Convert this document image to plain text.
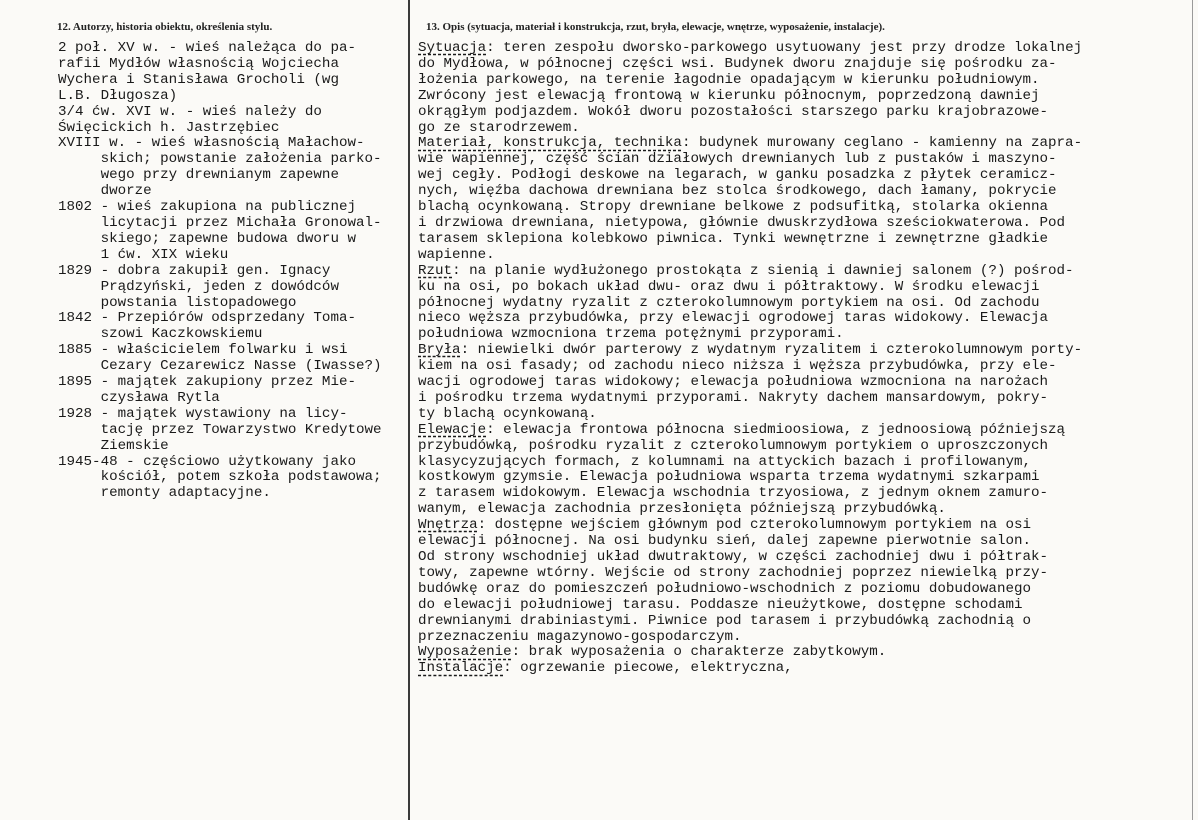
12. Autorzy, historia obiektu, określenia stylu.	13. Opis (sytuacja, materiał i konstrukcja, rzut, bryła, elewacje, wnętrze, wyposażenie, instalacje).

2 poł. XV w. - wieś należąca do pa-
rafii Mydłów własnością Wojciecha
Wychera i Stanisława Grocholi (wg
L.B. Długosza)

3/4 ćw. XVI w. - wieś należy do
Święcickich h. Jastrzębiec

XVIII w. - wieś własnością Małachow-
skich; powstanie założenia parko-
wego przy drewnianym zapewne
dworze

1802 - wieś zakupiona na publicznej
licytacji przez Michała Gronowal-
skiego; zapewne budowa dworu w
1 ćw. XIX wieku

1829 - dobra zakupił gen. Ignacy
Prądzyński, jeden z dowódców
powstania listopadowego

1842 - Przepiórów odsprzedany Toma-
szowi Kaczkowskiemu

1885 - właścicielem folwarku i wsi
Cezary Cezarewicz Nasse (Iwasse?)

1895 - majątek zakupiony przez Mie-
czysława Rytla

1928 - majątek wystawiony na licy-
tację przez Towarzystwo Kredytowe
Ziemskie

1945-48 - częściowo użytkowany jako
kościół, potem szkoła podstawowa;
remonty adaptacyjne.

Sytuacja: teren zespołu dworsko-parkowego usytuowany jest przy drodze lokalnej
do Mydłowa, w północnej części wsi. Budynek dworu znajduje się pośrodku za-
łożenia parkowego, na terenie łagodnie opadającym w kierunku południowym.
Zwrócony jest elewacją frontową w kierunku północnym, poprzedzoną dawniej
okrągłym podjazdem. Wokół dworu pozostałości starszego parku krajobrazowe-
go ze starodrzewem.

Materiał, konstrukcja, technika: budynek murowany ceglano - kamienny na zapra-
wie wapiennej, część ścian działowych drewnianych lub z pustaków i maszyno-
wej cegły. Podłogi deskowe na legarach, w ganku posadzka z płytek ceramicz-
nych, więźba dachowa drewniana bez stolca środkowego, dach łamany, pokrycie
blachą ocynkowaną. Stropy drewniane belkowe z podsufitką, stolarka okienna
i drzwiowa drewniana, nietypowa, głównie dwuskrzydłowa sześciokwaterowa. Pod
tarasem sklepiona kolebkowo piwnica. Tynki wewnętrzne i zewnętrzne gładkie
wapienne.

Rzut: na planie wydłużonego prostokąta z sienią i dawniej salonem (?) pośrod-
ku na osi, po bokach układ dwu- oraz dwu i półtraktowy. W środku elewacji
północnej wydatny ryzalit z czterokolumnowym portykiem na osi. Od zachodu
nieco węższa przybudówka, przy elewacji ogrodowej taras widokowy. Elewacja
południowa wzmocniona trzema potężnymi przyporami.

Bryła: niewielki dwór parterowy z wydatnym ryzalitem i czterokolumnowym porty-
kiem na osi fasady; od zachodu nieco niższa i węższa przybudówka, przy ele-
wacji ogrodowej taras widokowy; elewacja południowa wzmocniona na narożach
i pośrodku trzema wydatnymi przyporami. Nakryty dachem mansardowym, pokry-
ty blachą ocynkowaną.

Elewacje: elewacja frontowa północna siedmioosiowa, z jednoosiową późniejszą
przybudówką, pośrodku ryzalit z czterokolumnowym portykiem o uproszczonych
klasycyzujących formach, z kolumnami na attyckich bazach i profilowanym,
kostkowym gzymsie. Elewacja południowa wsparta trzema wydatnymi szkarpami
z tarasem widokowym. Elewacja wschodnia trzyosiowa, z jednym oknem zamuro-
wanym, elewacja zachodnia przesłonięta późniejszą przybudówką.

Wnętrza: dostępne wejściem głównym pod czterokolumnowym portykiem na osi
elewacji północnej. Na osi budynku sień, dalej zapewne pierwotnie salon.
Od strony wschodniej układ dwutraktowy, w części zachodniej dwu i półtrak-
towy, zapewne wtórny. Wejście od strony zachodniej poprzez niewielką przy-
budówkę oraz do pomieszczeń południowo-wschodnich z poziomu dobudowanego
do elewacji południowej tarasu. Poddasze nieużytkowe, dostępne schodami
drewnianymi drabiniastymi. Piwnice pod tarasem i przybudówką zachodnią o
przeznaczeniu magazynowo-gospodarczym.

Wyposażenie: brak wyposażenia o charakterze zabytkowym.

Instalacje: ogrzewanie piecowe, elektryczna,
